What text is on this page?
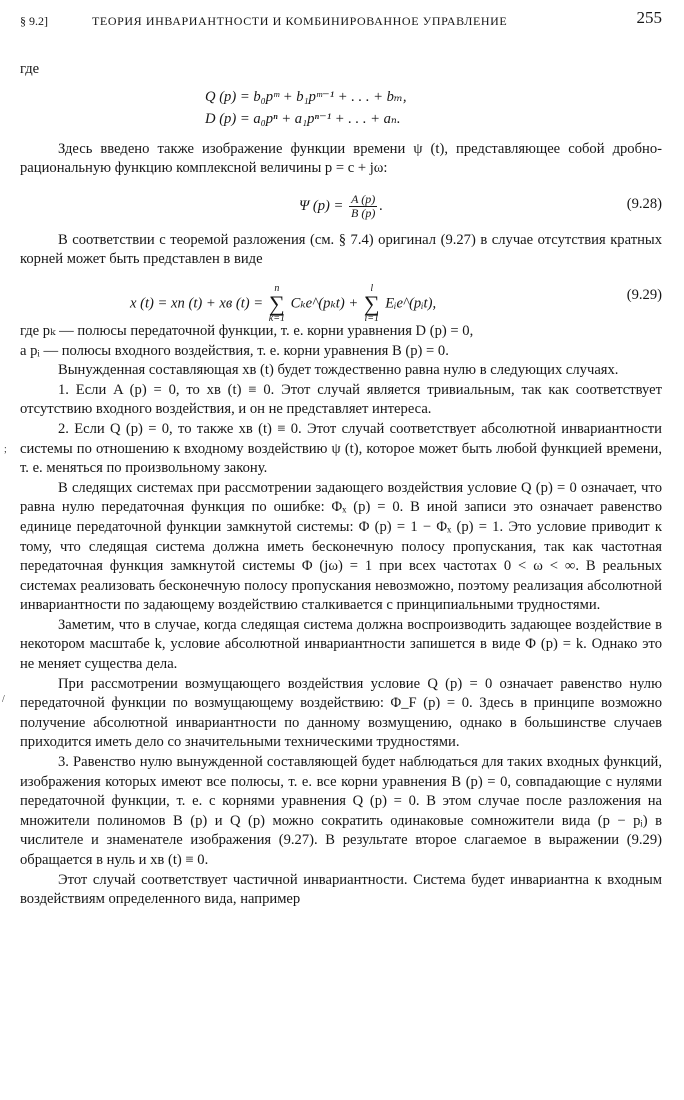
§ 9.2]	ТЕОРИЯ ИНВАРИАНТНОСТИ И КОМБИНИРОВАННОЕ УПРАВЛЕНИЕ	255

где

Q (p) = b₀pᵐ + b₁pᵐ⁻¹ + . . . + bₘ,
D (p) = a₀pⁿ + a₁pⁿ⁻¹ + . . . + aₙ.

Здесь введено также изображение функции времени ψ (t), представляющее собой дробно-рациональную функцию комплексной величины p = c + jω:

Ψ $(p) = \frac{A (p)}{B (p)}$ .	(9.28)

В соответствии с теоремой разложения (см. § 7.4) оригинал (9.27) в случае отсутствия кратных корней может быть представлен в виде

x (t) = xп (t) + xв (t) = n
∑
k=1 Cₖe^(pₖt) + l
∑
i=1 Eᵢe^(pᵢt),
(9.29)

где pₖ — полюсы передаточной функции, т. е. корни уравнения D (p) = 0,

а pᵢ — полюсы входного воздействия, т. е. корни уравнения B (p) = 0.

Вынужденная составляющая xв (t) будет тождественно равна нулю в следующих случаях.

1. Если A (p) = 0, то xв (t) ≡ 0. Этот случай является тривиальным, так как соответствует отсутствию входного воздействия, и он не представляет интереса.

2. Если Q (p) = 0, то также xв (t) ≡ 0. Этот случай соответствует абсолютной инвариантности системы по отношению к входному воздействию ψ (t), которое может быть любой функцией времени, т. е. меняться по произвольному закону.

В следящих системах при рассмотрении задающего воздействия условие Q (p) = 0 означает, что равна нулю передаточная функция по ошибке: Φₓ (p) = 0. В иной записи это означает равенство единице передаточной функции замкнутой системы: Φ (p) = 1 − Φₓ (p) = 1. Это условие приводит к тому, что следящая система должна иметь бесконечную полосу пропускания, так как частотная передаточная функция замкнутой системы Φ (jω) = 1 при всех частотах 0 < ω < ∞. В реальных системах реализовать бесконечную полосу пропускания невозможно, поэтому реализация абсолютной инвариантности по задающему воздействию сталкивается с принципиальными трудностями.

Заметим, что в случае, когда следящая система должна воспроизводить задающее воздействие в некотором масштабе k, условие абсолютной инвариантности запишется в виде Φ (p) = k. Однако это не меняет существа дела.

При рассмотрении возмущающего воздействия условие Q (p) = 0 означает равенство нулю передаточной функции по возмущающему воздействию: Φ_F (p) = 0. Здесь в принципе возможно получение абсолютной инвариантности по данному возмущению, однако в большинстве случаев приходится иметь дело со значительными техническими трудностями.

3. Равенство нулю вынужденной составляющей будет наблюдаться для таких входных функций, изображения которых имеют все полюсы, т. е. все корни уравнения B (p) = 0, совпадающие с нулями передаточной функции, т. е. с корнями уравнения Q (p) = 0. В этом случае после разложения на множители полиномов B (p) и Q (p) можно сократить одинаковые сомножители вида (p − pᵢ) в числителе и знаменателе изображения (9.27). В результате второе слагаемое в выражении (9.29) обращается в нуль и xв (t) ≡ 0.

Этот случай соответствует частичной инвариантности. Система будет инвариантна к входным воздействиям определенного вида, например

;
/
